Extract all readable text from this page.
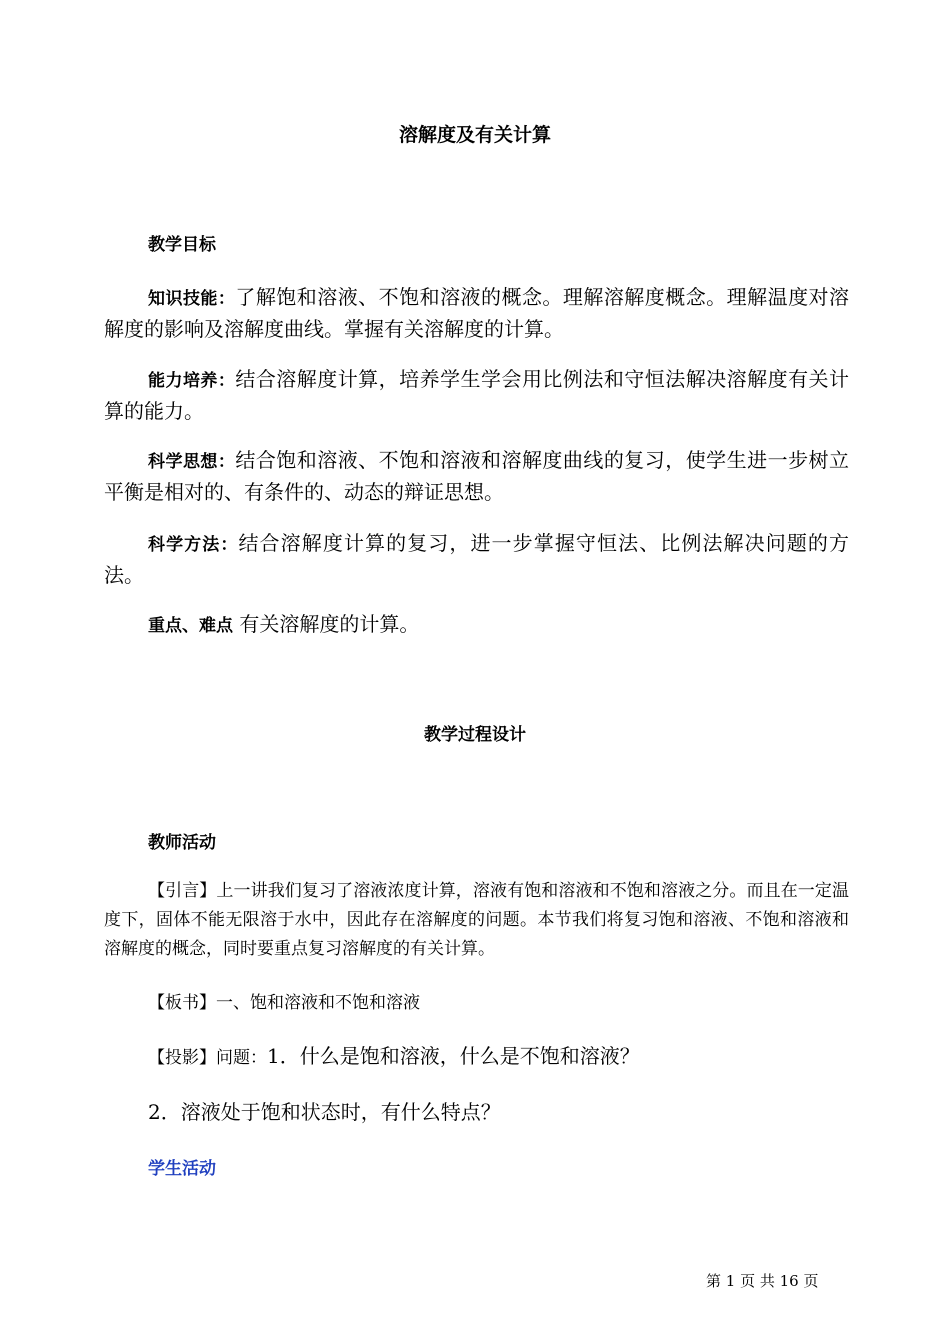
溶解度及有关计算
教学目标
知识技能：了解饱和溶液、不饱和溶液的概念。理解溶解度概念。理解温度对溶解度的影响及溶解度曲线。掌握有关溶解度的计算。
能力培养：结合溶解度计算，培养学生学会用比例法和守恒法解决溶解度有关计算的能力。
科学思想：结合饱和溶液、不饱和溶液和溶解度曲线的复习，使学生进一步树立平衡是相对的、有条件的、动态的辩证思想。
科学方法：结合溶解度计算的复习，进一步掌握守恒法、比例法解决问题的方法。
重点、难点 有关溶解度的计算。
教学过程设计
教师活动
【引言】上一讲我们复习了溶液浓度计算，溶液有饱和溶液和不饱和溶液之分。而且在一定温度下，固体不能无限溶于水中，因此存在溶解度的问题。本节我们将复习饱和溶液、不饱和溶液和溶解度的概念，同时要重点复习溶解度的有关计算。
【板书】一、饱和溶液和不饱和溶液
【投影】问题：1．什么是饱和溶液，什么是不饱和溶液？
2．溶液处于饱和状态时，有什么特点？
学生活动
第 1 页 共 16 页
